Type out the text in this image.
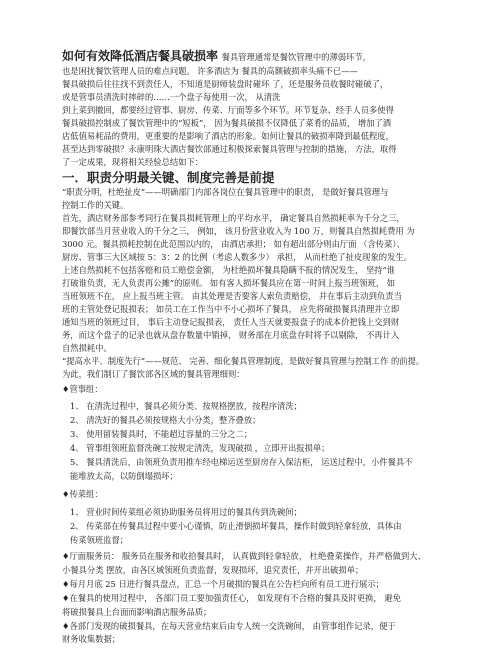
如何有效降低酒店餐具破损率 餐具管理通常是餐饮管理中的薄弱环节，
也是困扰餐饮管理人员的难点问题。 许多酒店为 餐具的高额破损率头痛不已——
餐具破损后往往找不到责任人，不知道是厨师装盘时碰坏 了，还是服务员收餐时碰破了，
或是管事员清洗时摔碎的……一个盘子每使用一次， 从清洗
到上菜到撤回，都要经过管事、厨房、传菜、厅面等多个环节。环节复杂、经手人员多使得
餐具破损控制成了餐饮管理中的“短板”， 因为餐具破损不仅降低了菜肴的品质， 增加了酒
店低值易耗品的费用，更重要的是影响了酒店的形象。如何让餐具的破损率降到最低程度，
甚至达到零破损？永康明珠大酒店餐饮部通过积极探索餐具管理与控制的措施， 方法，取得
了一定成果，现将相关经验总结如下：
一．职责分明最关键、制度完善是前提
“职责分明，杜绝扯皮”——明确部门内部各岗位在餐具管理中的职责， 是做好餐具管理与
控制工作的关键。
首先，酒店财务部参考同行在餐具损耗管理上的平均水平， 确定餐具自然损耗率为千分之三，
即餐饮部当月营业收入的千分之三， 例如， 该月份营业收入为 100 万，则餐具自然损耗费用 为
3000 元。餐具损耗控制在此范围以内的， 由酒店承担； 如有超出部分则由厅面 （含传菜）、
厨房、管事三大区域按 5：3：2 的比例（考虑人数多少） 承担， 从而杜绝了扯皮现象的发生。
上述自然损耗不包括客赔和员工赔偿金额， 为杜绝损坏餐具隐瞒不报的情况发生， 坚持“谁
打破谁负责，无人负责再公摊”的原则。 如有客人损坏餐具应在第一时间上报当班领班， 如
当班领班不在， 应上报当班主管。 由其处理是否要客人索负责赔偿， 并在事后主动到负责当
班的主管处登记报损表； 如员工在工作当中不小心损坏了餐具， 应先将破损餐具清理并立即
通知当班的领班过目， 事后主动登记报损表， 责任人当天就要报盘子的成本价把钱上交到财
务，而这个盘子的记录也就从盘存数量中销掉， 财务部在月底盘存时将予以剔除， 不再计入
自然损耗中。
“提高水平、制度先行”——规范、 完善、细化餐具管理制度，是做好餐具管理与控制工作 的前提。
为此，我们制订了餐饮部各区域的餐具管理细则：
♦管事组：
1、 在清洗过程中，餐具必须分类、按规格摆放，按程序清洗；
2、 清洗好的餐具必须按规格大小分类，整齐叠放；
3、 使用留装餐具时，不能超过容量的三分之二；
4、 管事组领班监督洗碗工按规定清洗，发现破损 ，立即开出报损单；
5、 餐具清洗后，由领班负责用推车经电梯运送至厨房存入保洁柜， 运送过程中，小件餐具不
能堆放太高，以防倒塌损坏；
♦传菜组：
1、 营业时间传菜组必须协助服务员将用过的餐具传到洗碗间；
2、 传菜部在传餐具过程中要小心谨慎，防止滑倒损坏餐具，操作时做到轻拿轻放，具体由
传菜领班监督；
♦厅面服务员： 服务员在服务和收拾餐具时， 认真做到轻拿轻放， 杜绝叠菜操作，并严格做到大、
小餐具分类 摆放，由各区域领班负责监督，发现损坏，追究责任，并开出破损单；
♦每月月底 25 日进行餐具盘点，汇总一个月破损的餐具在公告栏向所有员工进行展示；
♦在餐具的使用过程中， 各部门员工要加强责任心， 如发现有不合格的餐具及时更换， 避免
将破损餐具上台面而影响酒店服务品质；
♦各部门发现的破损餐具，在每天营业结束后由专人统一交洗碗间， 由管事组作记录，便于
财务收集数据；
